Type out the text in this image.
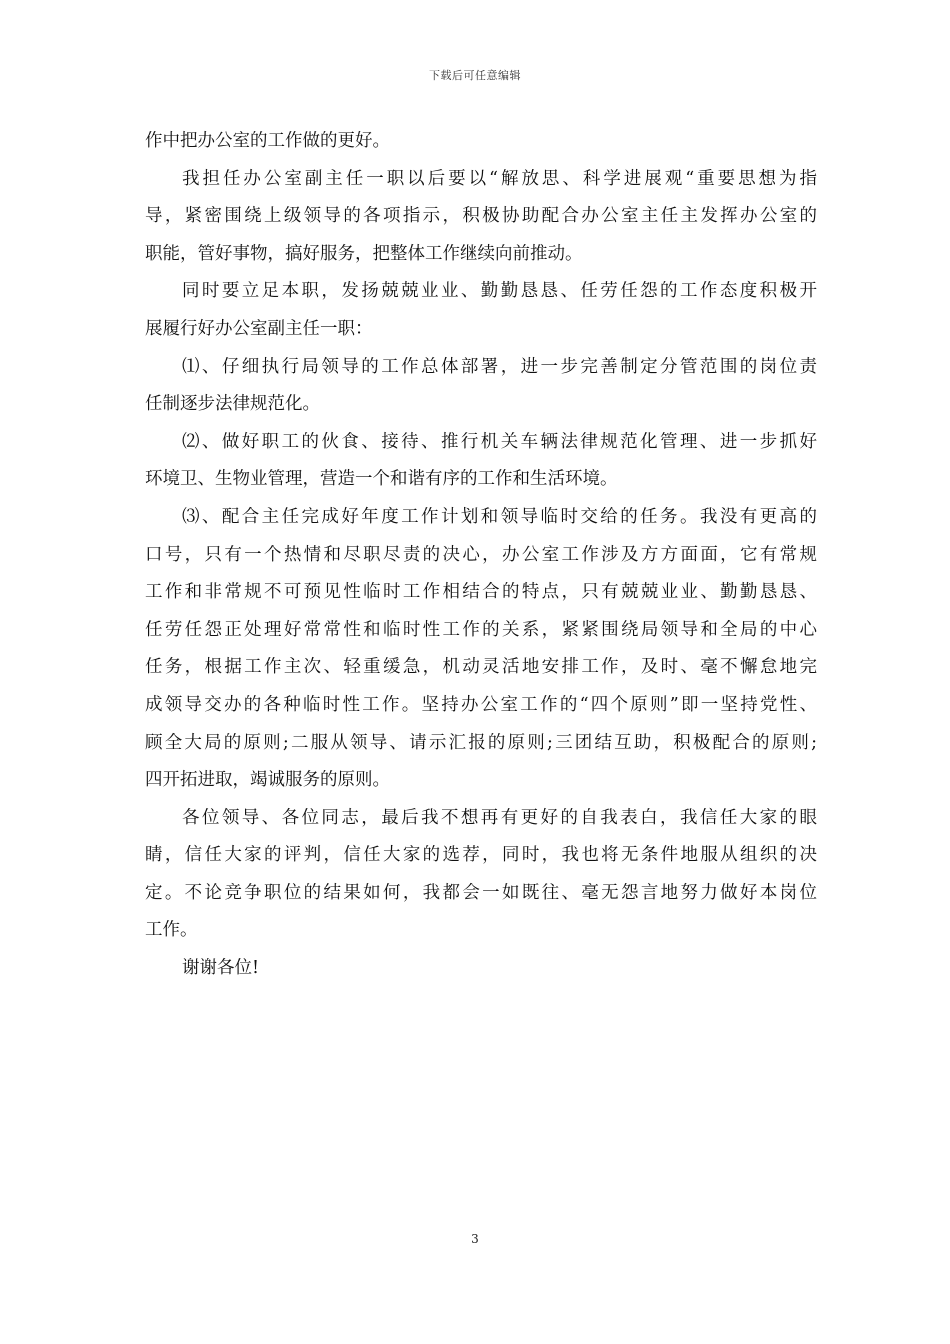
下载后可任意编辑
作中把办公室的工作做的更好。
我担任办公室副主任一职以后要以“解放思、科学进展观“重要思想为指
导，紧密围绕上级领导的各项指示，积极协助配合办公室主任主发挥办公室的
职能，管好事物，搞好服务，把整体工作继续向前推动。
同时要立足本职，发扬兢兢业业、勤勤恳恳、任劳任怨的工作态度积极开
展履行好办公室副主任一职：
⑴、仔细执行局领导的工作总体部署，进一步完善制定分管范围的岗位责
任制逐步法律规范化。
⑵、做好职工的伙食、接待、推行机关车辆法律规范化管理、进一步抓好
环境卫、生物业管理，营造一个和谐有序的工作和生活环境。
⑶、配合主任完成好年度工作计划和领导临时交给的任务。我没有更高的
口号，只有一个热情和尽职尽责的决心，办公室工作涉及方方面面，它有常规
工作和非常规不可预见性临时工作相结合的特点，只有兢兢业业、勤勤恳恳、
任劳任怨正处理好常常性和临时性工作的关系，紧紧围绕局领导和全局的中心
任务，根据工作主次、轻重缓急，机动灵活地安排工作，及时、毫不懈怠地完
成领导交办的各种临时性工作。坚持办公室工作的“四个原则”即一坚持党性、
顾全大局的原则;二服从领导、请示汇报的原则;三团结互助，积极配合的原则;
四开拓进取，竭诚服务的原则。
各位领导、各位同志，最后我不想再有更好的自我表白，我信任大家的眼
睛，信任大家的评判，信任大家的选荐，同时，我也将无条件地服从组织的决
定。不论竞争职位的结果如何，我都会一如既往、毫无怨言地努力做好本岗位
工作。
谢谢各位!
3
